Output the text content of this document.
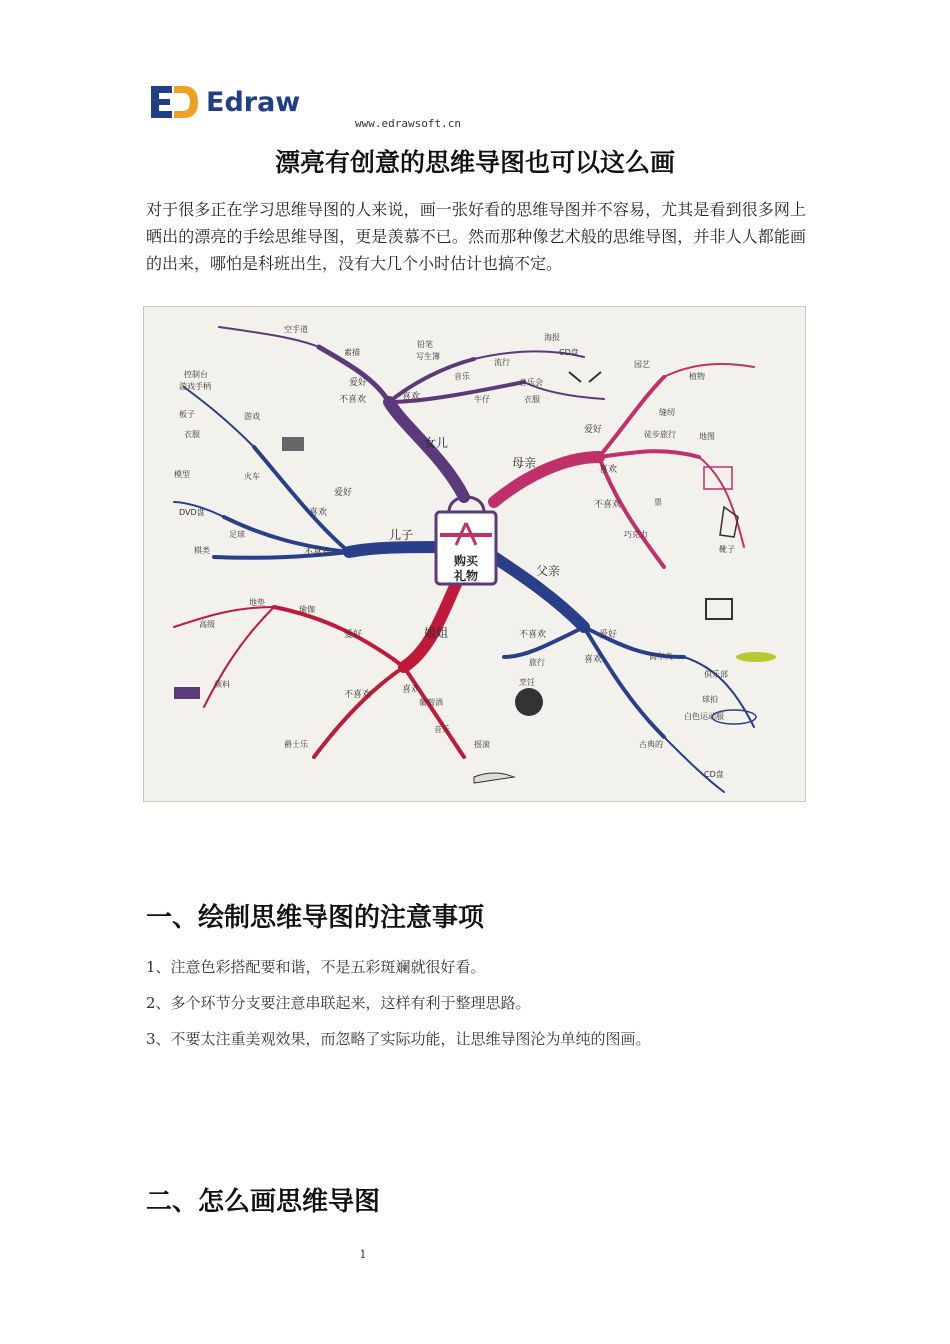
Edraw
www.edrawsoft.cn
漂亮有创意的思维导图也可以这么画
对于很多正在学习思维导图的人来说，画一张好看的思维导图并不容易，尤其是看到很多网上晒出的漂亮的手绘思维导图，更是羡慕不已。然而那种像艺术般的思维导图，并非人人都能画的出来，哪怕是科班出生，没有大几个小时估计也搞不定。
购买
礼物
女儿
母亲
儿子
父亲
姐姐
爱好
喜欢
不喜欢
爱好
喜欢
不喜欢
爱好
喜欢
不喜欢
爱好
喜欢
不喜欢
爱好
喜欢
不喜欢
空手道
素描
铅笔
写生簿
音乐
流行
海报
CD盘
音乐会
牛仔	衣服
控制台
游戏手柄
游戏
板子
衣服
模型	火车
DVD盘
足球
棋类
园艺
植物
缝纫
徒步旅行	地图
票
巧克力
靴子
高尔夫
俱乐部
球拍
白色运动服
旅行
烹饪
古典的
CD盘
瑜伽
地垫
高级
颜料
葡萄酒
音乐
摇滚
爵士乐
一、绘制思维导图的注意事项
1、注意色彩搭配要和谐，不是五彩斑斓就很好看。
2、多个环节分支要注意串联起来，这样有利于整理思路。
3、不要太注重美观效果，而忽略了实际功能，让思维导图沦为单纯的图画。
二、怎么画思维导图
1
